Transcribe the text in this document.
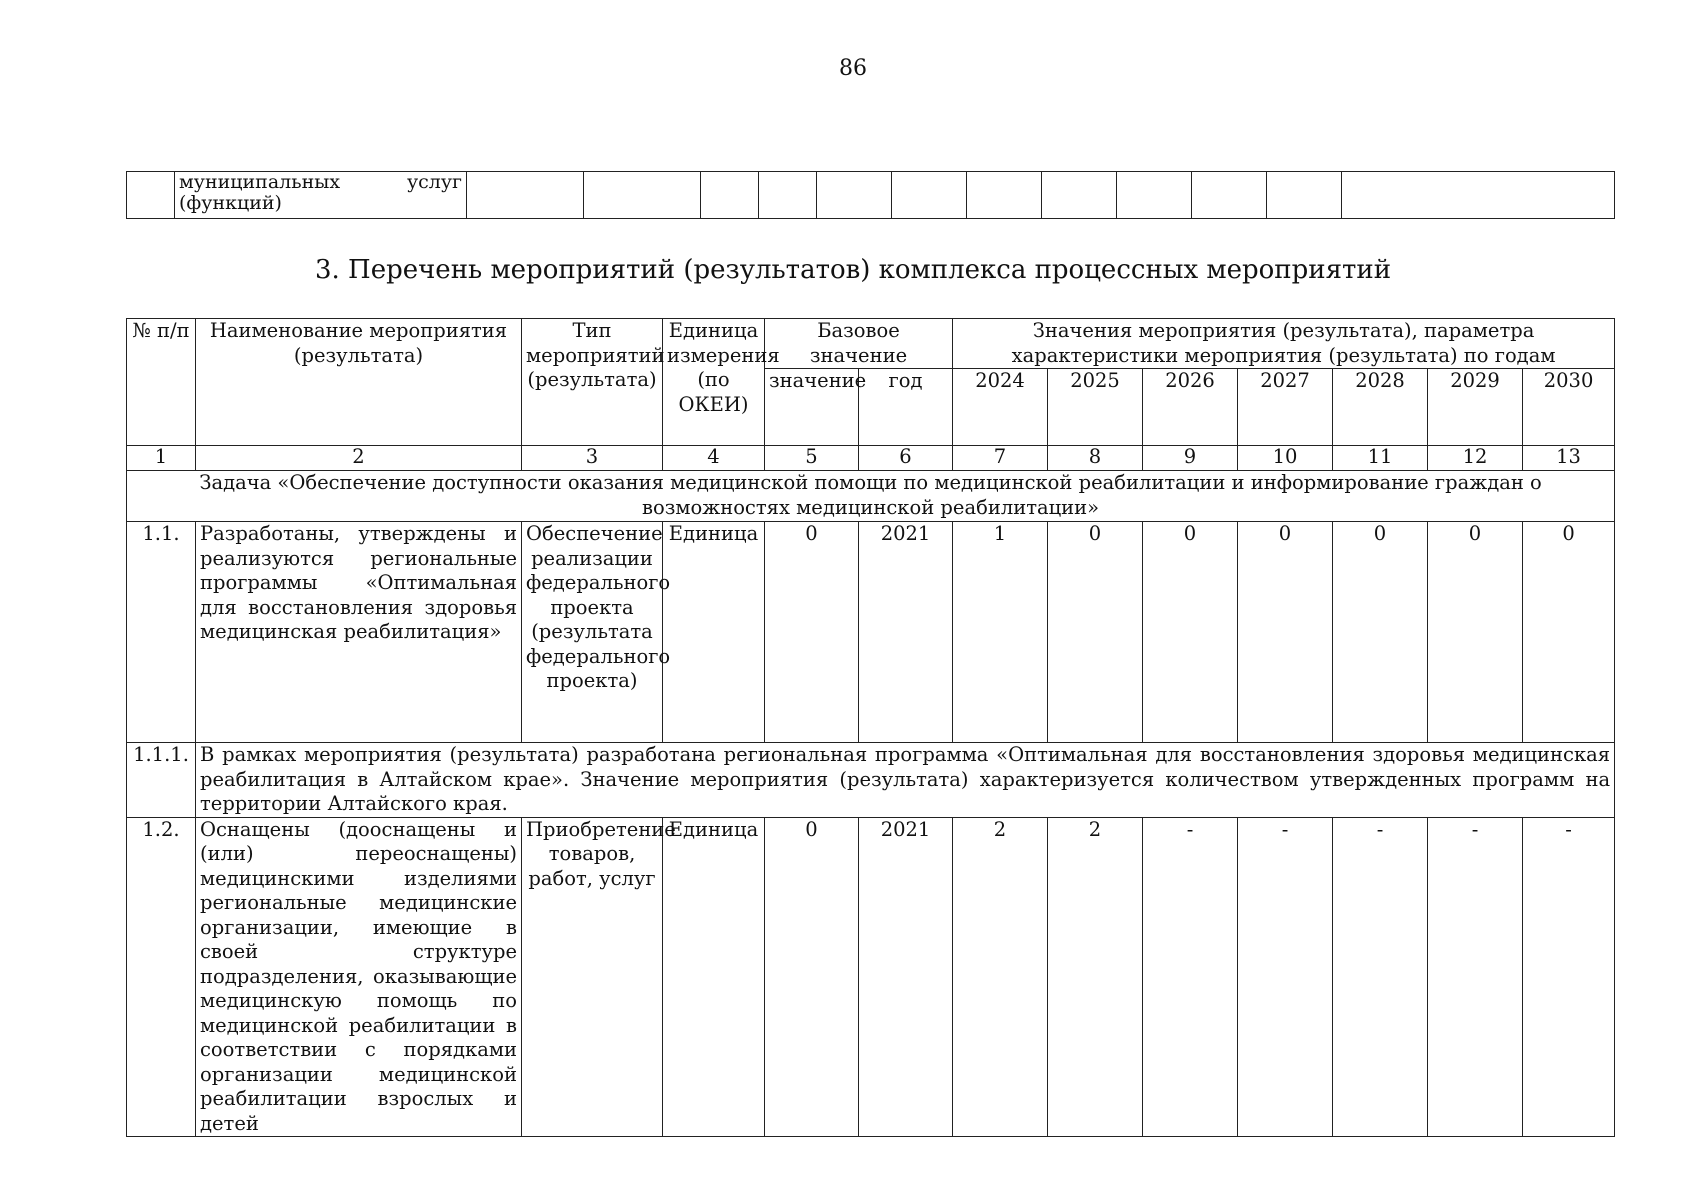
86
	муниципальных услуг (функций)												
3. Перечень мероприятий (результатов) комплекса процессных мероприятий
№ п/п	Наименование мероприятия (результата)	Тип мероприятий (результата)	Единица измерения (по ОКЕИ)	Базовое значение		Значения мероприятия (результата), параметра характеристики мероприятия (результата) по годам						
				значение	год	2024	2025	2026	2027	2028	2029	2030
1	2	3	4	5	6	7	8	9	10	11	12	13
Задача «Обеспечение доступности оказания медицинской помощи по медицинской реабилитации и информирование граждан о возможностях медицинской реабилитации»												
1.1.	Разработаны, утверждены и реализуются региональные программы «Оптимальная для восстановления здоровья медицинская реабилитация»	Обеспечение реализации федерального проекта (результата федерального проекта)	Единица	0	2021	1	0	0	0	0	0	0
1.1.1.	В рамках мероприятия (результата) разработана региональная программа «Оптимальная для восстановления здоровья медицинская реабилитация в Алтайском крае». Значение мероприятия (результата) характеризуется количеством утвержденных программ на территории Алтайского края.											
1.2.	Оснащены (дооснащены и (или) переоснащены) медицинскими изделиями региональные медицинские организации, имеющие в своей структуре подразделения, оказывающие медицинскую помощь по медицинской реабилитации в соответствии с порядками организации медицинской реабилитации взрослых и детей	Приобретение товаров, работ, услуг	Единица	0	2021	2	2	-	-	-	-	-
